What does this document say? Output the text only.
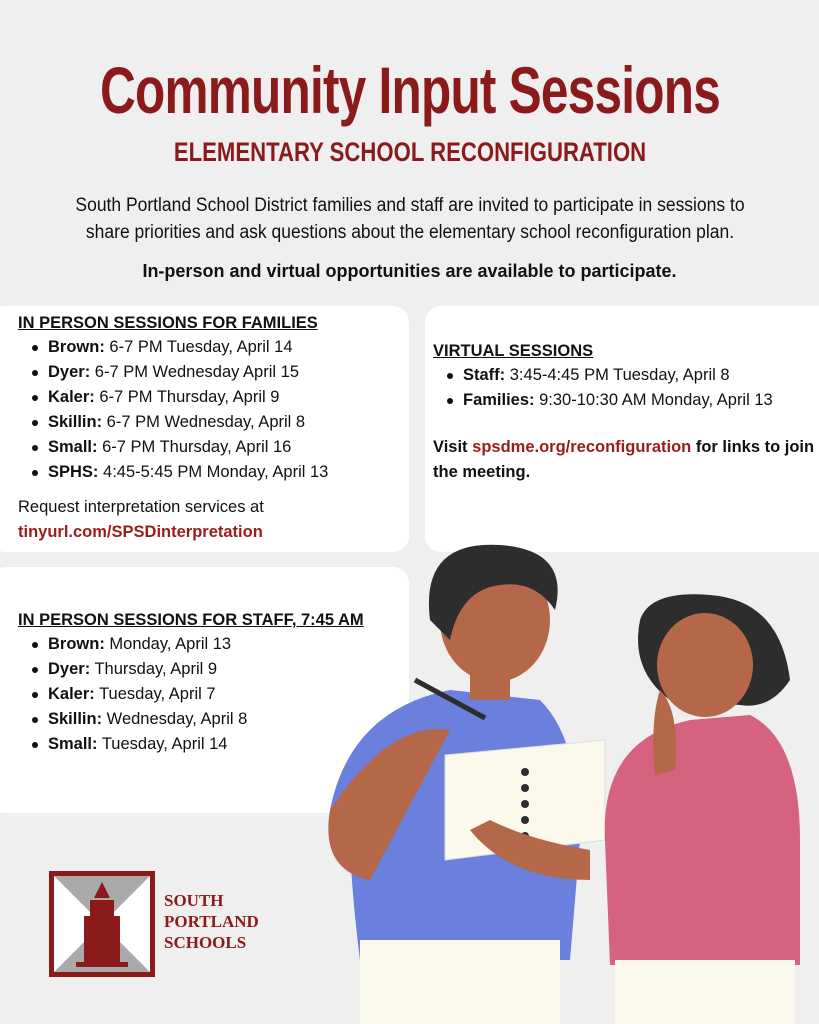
Community Input Sessions
ELEMENTARY SCHOOL RECONFIGURATION
South Portland School District families and staff are invited to participate in sessions to
share priorities and ask questions about the elementary school reconfiguration plan.
In-person and virtual opportunities are available to participate.
IN PERSON SESSIONS FOR FAMILIES
Brown: 6-7 PM Tuesday, April 14
Dyer: 6-7 PM Wednesday April 15
Kaler: 6-7 PM Thursday, April 9
Skillin: 6-7 PM Wednesday, April 8
Small: 6-7 PM Thursday, April 16
SPHS: 4:45-5:45 PM Monday, April 13
Request interpretation services at
tinyurl.com/SPSDinterpretation
VIRTUAL SESSIONS
Staff: 3:45-4:45 PM Tuesday, April 8
Families: 9:30-10:30 AM Monday, April 13
Visit spsdme.org/reconfiguration for links to join the meeting.
IN PERSON SESSIONS FOR STAFF, 7:45 AM
Brown: Monday, April 13
Dyer: Thursday, April 9
Kaler: Tuesday, April 7
Skillin: Wednesday, April 8
Small: Tuesday, April 14
SOUTH
PORTLAND
SCHOOLS
